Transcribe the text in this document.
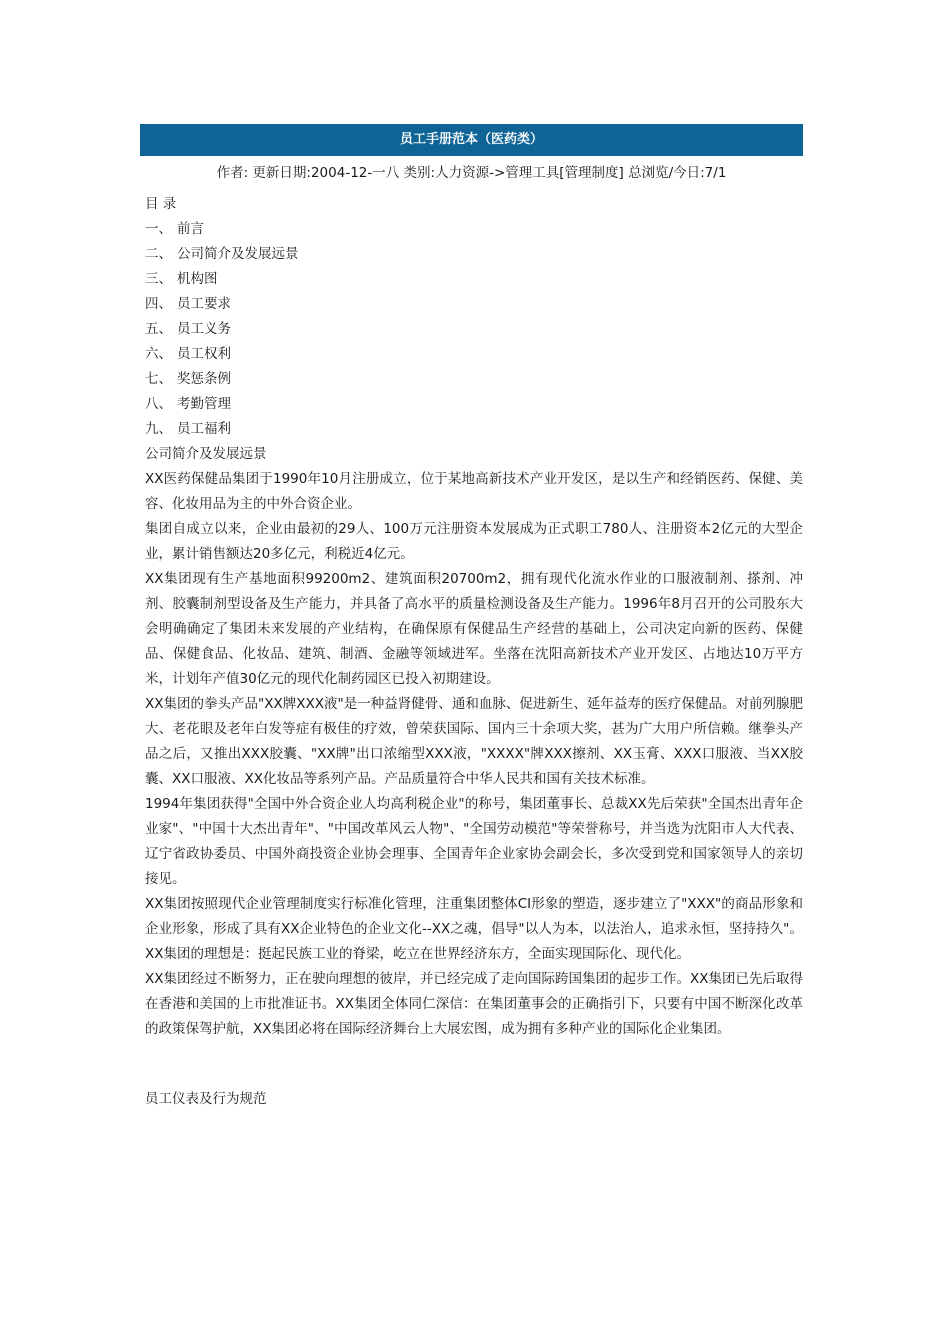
员工手册范本（医药类）
作者: 更新日期:2004-12-一八 类别:人力资源->管理工具[管理制度] 总浏览/今日:7/1
目 录
一、 前言
二、 公司简介及发展远景
三、 机构图
四、 员工要求
五、 员工义务
六、 员工权利
七、 奖惩条例
八、 考勤管理
九、 员工福利
公司简介及发展远景

XX医药保健品集团于1990年10月注册成立，位于某地高新技术产业开发区，是以生产和经销医药、保健、美容、化妆用品为主的中外合资企业。

集团自成立以来，企业由最初的29人、100万元注册资本发展成为正式职工780人、注册资本2亿元的大型企业，累计销售额达20多亿元，利税近4亿元。

XX集团现有生产基地面积99200m2、建筑面积20700m2，拥有现代化流水作业的口服液制剂、搽剂、冲剂、胶囊制剂型设备及生产能力，并具备了高水平的质量检测设备及生产能力。1996年8月召开的公司股东大会明确确定了集团未来发展的产业结构，在确保原有保健品生产经营的基础上，公司决定向新的医药、保健品、保健食品、化妆品、建筑、制酒、金融等领域进军。坐落在沈阳高新技术产业开发区、占地达10万平方米，计划年产值30亿元的现代化制药园区已投入初期建设。

XX集团的拳头产品"XX牌XXX液"是一种益肾健骨、通和血脉、促进新生、延年益寿的医疗保健品。对前列腺肥大、老花眼及老年白发等症有极佳的疗效，曾荣获国际、国内三十余项大奖，甚为广大用户所信赖。继拳头产品之后，又推出XXX胶囊、"XX牌"出口浓缩型XXX液，"XXXX"牌XXX擦剂、XX玉膏、XXX口服液、当XX胶囊、XX口服液、XX化妆品等系列产品。产品质量符合中华人民共和国有关技术标准。

1994年集团获得"全国中外合资企业人均高利税企业"的称号，集团董事长、总裁XX先后荣获"全国杰出青年企业家"、"中国十大杰出青年"、"中国改革风云人物"、"全国劳动模范"等荣誉称号，并当选为沈阳市人大代表、辽宁省政协委员、中国外商投资企业协会理事、全国青年企业家协会副会长，多次受到党和国家领导人的亲切接见。

XX集团按照现代企业管理制度实行标准化管理，注重集团整体CI形象的塑造，逐步建立了"XXX"的商品形象和企业形象，形成了具有XX企业特色的企业文化--XX之魂，倡导"以人为本，以法治人，追求永恒，坚持持久"。 XX集团的理想是：挺起民族工业的脊梁，屹立在世界经济东方，全面实现国际化、现代化。

XX集团经过不断努力，正在驶向理想的彼岸，并已经完成了走向国际跨国集团的起步工作。XX集团已先后取得在香港和美国的上市批准证书。XX集团全体同仁深信：在集团董事会的正确指引下，只要有中国不断深化改革的政策保驾护航，XX集团必将在国际经济舞台上大展宏图，成为拥有多种产业的国际化企业集团。

员工仪表及行为规范
